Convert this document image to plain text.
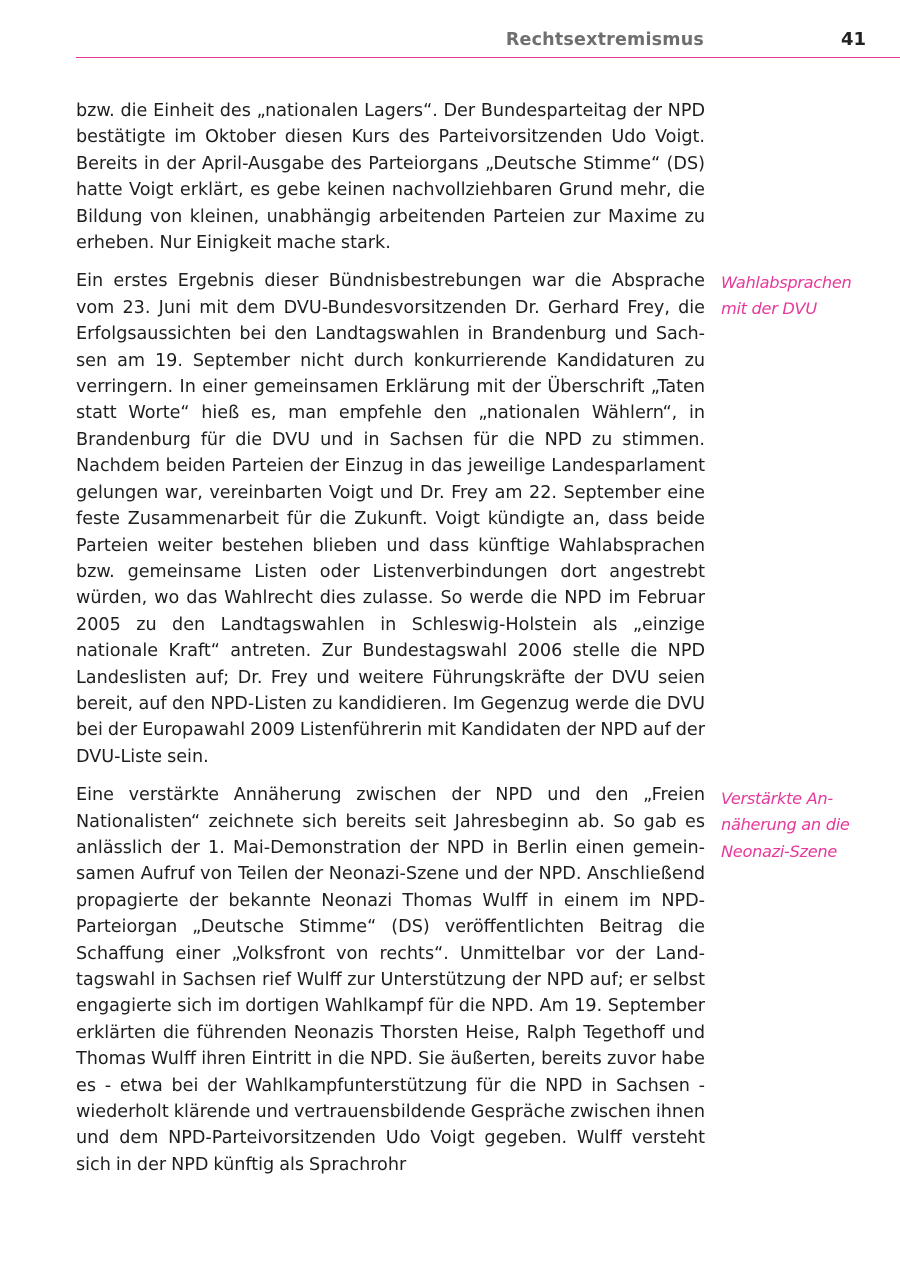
Rechtsextremismus	41

bzw. die Einheit des „nationalen Lagers“. Der Bundesparteitag der NPD bestätigte im Oktober diesen Kurs des Parteivorsitzenden Udo Voigt. Bereits in der April-Ausgabe des Parteiorgans „Deutsche Stimme“ (DS) hatte Voigt erklärt, es gebe keinen nachvollziehbaren Grund mehr, die Bildung von kleinen, unabhängig arbeitenden Parteien zur Maxime zu erheben. Nur Einigkeit mache stark.

Ein erstes Ergebnis dieser Bündnisbestrebungen war die Absprache vom 23. Juni mit dem DVU-Bundesvorsitzenden Dr. Gerhard Frey, die Erfolgsaussichten bei den Landtagswahlen in Brandenburg und Sachsen am 19. September nicht durch konkurrierende Kandidaturen zu verringern. In einer gemeinsamen Erklärung mit der Überschrift „Taten statt Worte“ hieß es, man empfehle den „nationalen Wählern“, in Brandenburg für die DVU und in Sachsen für die NPD zu stimmen. Nachdem beiden Parteien der Einzug in das jeweilige Landesparlament gelungen war, vereinbarten Voigt und Dr. Frey am 22. September eine feste Zusammenarbeit für die Zukunft. Voigt kündigte an, dass beide Parteien weiter bestehen blieben und dass künftige Wahlabsprachen bzw. gemeinsame Listen oder Listenverbindungen dort angestrebt würden, wo das Wahlrecht dies zulasse. So werde die NPD im Februar 2005 zu den Landtagswahlen in Schleswig-Holstein als „einzige nationale Kraft“ antreten. Zur Bundestagswahl 2006 stelle die NPD Landeslisten auf; Dr. Frey und weitere Führungskräfte der DVU seien bereit, auf den NPD-Listen zu kandidieren. Im Gegenzug werde die DVU bei der Europawahl 2009 Listenführerin mit Kandidaten der NPD auf der DVU-Liste sein.

Eine verstärkte Annäherung zwischen der NPD und den „Freien Nationalisten“ zeichnete sich bereits seit Jahresbeginn ab. So gab es anlässlich der 1. Mai-Demonstration der NPD in Berlin einen gemeinsamen Aufruf von Teilen der Neonazi-Szene und der NPD. Anschließend propagierte der bekannte Neonazi Thomas Wulff in einem im NPD-Parteiorgan „Deutsche Stimme“ (DS) veröffentlichten Beitrag die Schaffung einer „Volksfront von rechts“. Unmittelbar vor der Landtagswahl in Sachsen rief Wulff zur Unterstützung der NPD auf; er selbst engagierte sich im dortigen Wahlkampf für die NPD. Am 19. September erklärten die führenden Neonazis Thorsten Heise, Ralph Tegethoff und Thomas Wulff ihren Eintritt in die NPD. Sie äußerten, bereits zuvor habe es - etwa bei der Wahlkampfunterstützung für die NPD in Sachsen - wiederholt klärende und vertrauensbildende Gespräche zwischen ihnen und dem NPD-Parteivorsitzenden Udo Voigt gegeben. Wulff versteht sich in der NPD künftig als Sprachrohr

Wahlabsprachen
mit der DVU
Verstärkte An-
näherung an die
Neonazi-Szene
